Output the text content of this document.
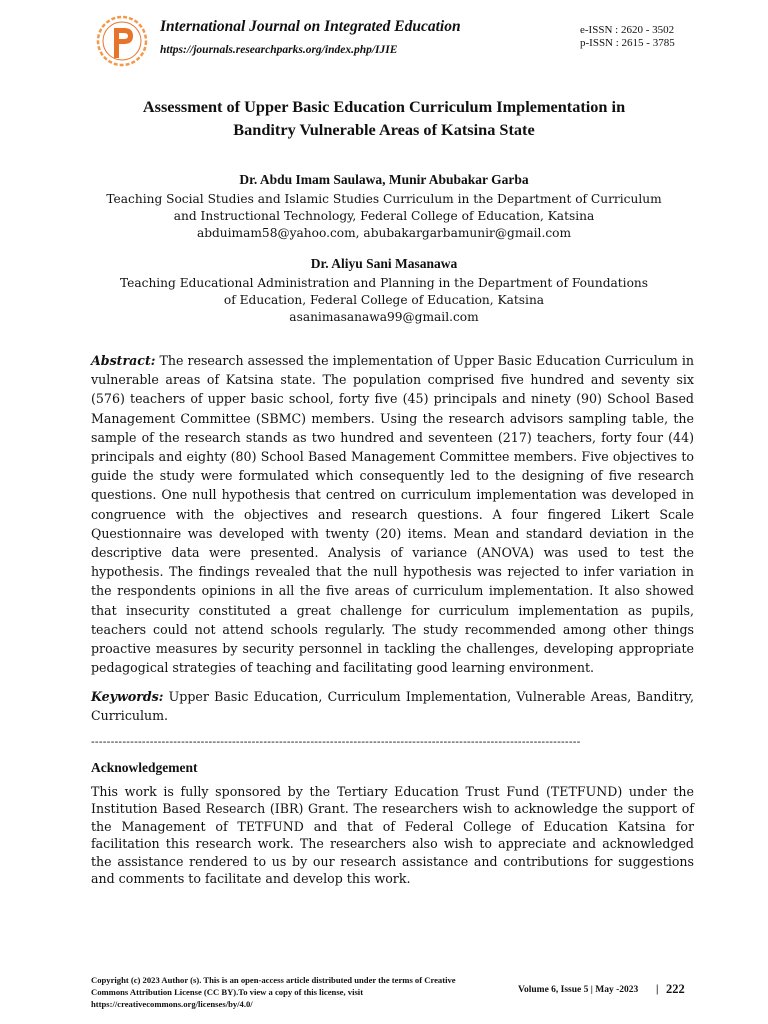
International Journal on Integrated Education
https://journals.researchparks.org/index.php/IJIE
e-ISSN : 2620 - 3502
p-ISSN : 2615 - 3785
Assessment of Upper Basic Education Curriculum Implementation in
Banditry Vulnerable Areas of Katsina State
Dr. Abdu Imam Saulawa, Munir Abubakar Garba
Teaching Social Studies and Islamic Studies Curriculum in the Department of Curriculum
and Instructional Technology, Federal College of Education, Katsina
abduimam58@yahoo.com, abubakargarbamunir@gmail.com
Dr. Aliyu Sani Masanawa
Teaching Educational Administration and Planning in the Department of Foundations
of Education, Federal College of Education, Katsina
asanimasanawa99@gmail.com
Abstract: The research assessed the implementation of Upper Basic Education Curriculum in vulnerable areas of Katsina state. The population comprised five hundred and seventy six (576) teachers of upper basic school, forty five (45) principals and ninety (90) School Based Management Committee (SBMC) members. Using the research advisors sampling table, the sample of the research stands as two hundred and seventeen (217) teachers, forty four (44) principals and eighty (80) School Based Management Committee members. Five objectives to guide the study were formulated which consequently led to the designing of five research questions. One null hypothesis that centred on curriculum implementation was developed in congruence with the objectives and research questions. A four fingered Likert Scale Questionnaire was developed with twenty (20) items. Mean and standard deviation in the descriptive data were presented. Analysis of variance (ANOVA) was used to test the hypothesis. The findings revealed that the null hypothesis was rejected to infer variation in the respondents opinions in all the five areas of curriculum implementation. It also showed that insecurity constituted a great challenge for curriculum implementation as pupils, teachers could not attend schools regularly. The study recommended among other things proactive measures by security personnel in tackling the challenges, developing appropriate pedagogical strategies of teaching and facilitating good learning environment.
Keywords: Upper Basic Education, Curriculum Implementation, Vulnerable Areas, Banditry, Curriculum.
-----------------------------------------------------------------------------------------------------------------------------
Acknowledgement
This work is fully sponsored by the Tertiary Education Trust Fund (TETFUND) under the Institution Based Research (IBR) Grant. The researchers wish to acknowledge the support of the Management of TETFUND and that of Federal College of Education Katsina for facilitation this research work. The researchers also wish to appreciate and acknowledged the assistance rendered to us by our research assistance and contributions for suggestions and comments to facilitate and develop this work.
Copyright (c) 2023 Author (s). This is an open-access article distributed under the terms of Creative Commons Attribution License (CC BY).To view a copy of this license, visit https://creativecommons.org/licenses/by/4.0/
Volume 6, Issue 5 | May -2023 | 222
